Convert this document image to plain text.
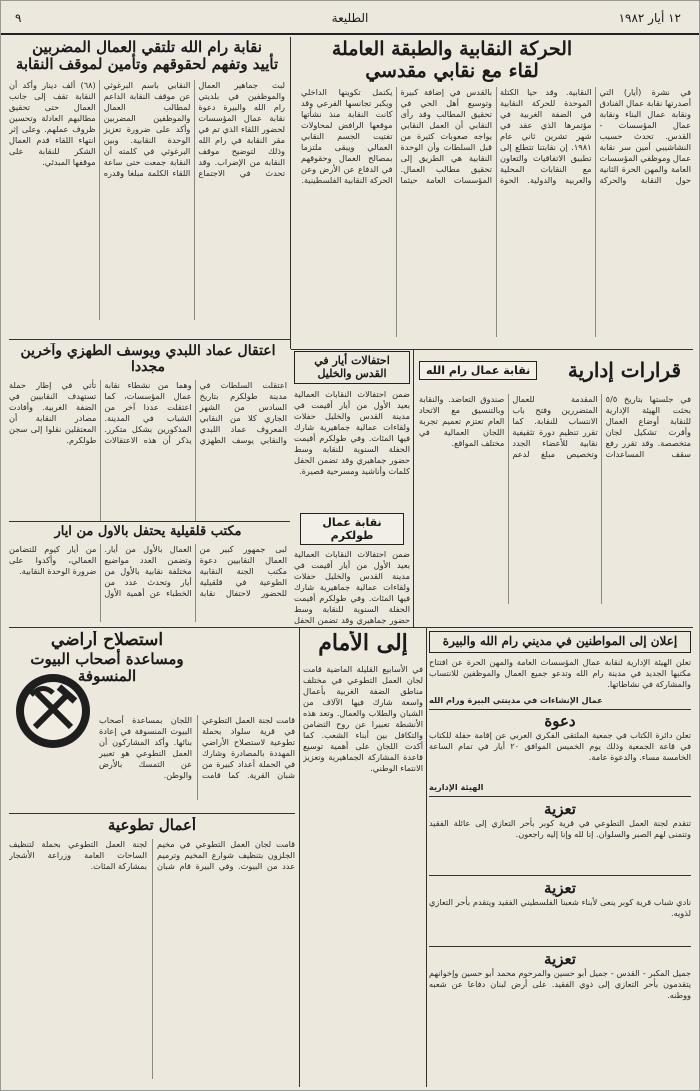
١٢ أيار ١٩٨٢
الطليعة
٩
الحركة النقابية والطبقة العاملة
لقاء مع نقابي مقدسي
في نشرة (أيار) التي أصدرتها نقابة عمال الفنادق ونقابة عمال البناء ونقابة عمال المؤسسات - القدس. تحدث حسيب النشاشيبي أمين سر نقابة عمال وموظفي المؤسسات العامة والمهن الحرة الثانية حول النقابة والحركة النقابية. وقد حيا الكتلة الموحدة للحركة النقابية في الضفة الغربية في مؤتمرها الذي عقد في شهر تشرين ثاني عام ١٩٨١. إن نقابتنا تتطلع إلى تطبيق الاتفاقيات والتعاون مع النقابات المحلية والعربية والدولية. الحوة بالقدس في إضافة كبيرة وتوسيع أهل الحي في تحقيق المطالب وقد رأى النقابي أن العمل النقابي يواجه صعوبات كثيرة من قبل السلطات وأن الوحدة النقابية هي الطريق إلى تحقيق مطالب العمال. المؤسسات العامة حيثما يكتمل تكوينها الداخلي ويكبر تجانسها الفرعي وقد كانت النقابة منذ نشأتها موقعها الرافض لمحاولات تفتيت الجسم النقابي العمالي ويبقى ملتزما بمصالح العمال وحقوقهم في الدفاع عن الأرض وعن الحركة النقابية الفلسطينية.
نقابة رام الله تلتقي العمال المضربين
تأييد وتفهم لحقوقهم وتأمين لموقف النقابة
لبث جماهير العمال والموظفين في بلديتي رام الله والبيرة دعوة نقابة عمال المؤسسات لحضور اللقاء الذي تم في مقر النقابة في رام الله وذلك لتوضيح موقف النقابة من الإضراب. وقد تحدث في الاجتماع النقابي باسم البرغوثي عن موقف النقابة الداعم لمطالب العمال والموظفين المضربين وأكد على ضرورة تعزيز الوحدة النقابية. وبين البرغوثي في كلمته أن النقابة جمعت حتى ساعة اللقاء الكلمة مبلغا وقدره (٦٨) ألف دينار وأكد أن النقابة تقف إلى جانب العمال حتى تحقيق مطالبهم العادلة وتحسين ظروف عملهم. وعلى إثر انتهاء اللقاء قدم العمال الشكر للنقابة على موقفها المبدئي.
اعتقال عماد اللبدي ويوسف الطهزي وآخرين مجددا
اعتقلت السلطات في مدينة طولكرم بتاريخ السادس من الشهر الجاري كلا من النقابي المعروف عماد اللبدي والنقابي يوسف الطهزي وهما من نشطاء نقابة عمال المؤسسات، كما اعتقلت عددا آخر من الشباب في المدينة. المذكورين بشكل متكرر. يذكر أن هذه الاعتقالات تأتي في إطار حملة تستهدف النقابيين في الضفة الغربية. وأفادت مصادر النقابة أن المعتقلين نقلوا إلى سجن طولكرم.
مكتب قلقيلية يحتفل بالأول من أيار
لبى جمهور كبير من العمال النقابيين دعوة مكتب الجنة النقابية الطوعية في قلقيلية للحضور لاحتفال نقابة العمال بالأول من أيار. وتضمن العدد مواضيع مختلفة نقابية بالأول من أيار وتحدث عدد من الخطباء عن أهمية الأول من أيار كيوم للتضامن العمالي، وأكدوا على ضرورة الوحدة النقابية.
احتفالات أيار في القدس والخليل
ضمن احتفالات النقابات العمالية بعيد الأول من أيار أقيمت في مدينة القدس والخليل حفلات ولقاءات عمالية جماهيرية شارك فيها المئات. وفي طولكرم أقيمت الحفلة السنوية للنقابة وسط حضور جماهيري وقد تضمن الحفل كلمات وأناشيد ومسرحية قصيرة.
نقابة عمال طولكرم
ضمن احتفالات النقابات العمالية بعيد الأول من أيار أقيمت في مدينة القدس والخليل حفلات ولقاءات عمالية جماهيرية شارك فيها المئات. وفي طولكرم أقيمت الحفلة السنوية للنقابة وسط حضور جماهيري وقد تضمن الحفل
قرارات إدارية
نقابة عمال رام الله
في جلستها بتاريخ ٥/٥ بحثت الهيئة الإدارية للنقابة أوضاع العمال وأقرت تشكيل لجان متخصصة. وقد تقرر رفع سقف المساعدات المقدمة للعمال المتضررين وفتح باب الانتساب للنقابة. كما تقرر تنظيم دورة تثقيفية نقابية للأعضاء الجدد وتخصيص مبلغ لدعم صندوق التعاضد. والنقابة وبالتنسيق مع الاتحاد العام تعتزم تعميم تجربة اللجان العمالية في مختلف المواقع.
استصلاح أراضي
ومساعدة أصحاب البيوت المنسوفة
قامت لجنة العمل التطوعي في قرية سلواد بحملة تطوعية لاستصلاح الأراضي المهددة بالمصادرة وشارك في الحملة أعداد كبيرة من شبان القرية. كما قامت اللجان بمساعدة أصحاب البيوت المنسوفة في إعادة بنائها. وأكد المشاركون أن العمل التطوعي هو تعبير عن التمسك بالأرض والوطن.
أعمال تطوعية
قامت لجان العمل التطوعي في مخيم الجلزون بتنظيف شوارع المخيم وترميم عدد من البيوت. وفي البيرة قام شبان لجنة العمل التطوعي بحملة لتنظيف الساحات العامة وزراعة الأشجار بمشاركة المئات.
إلى الأمام
في الأسابيع القليلة الماضية قامت لجان العمل التطوعي في مختلف مناطق الضفة الغربية بأعمال واسعة شارك فيها الآلاف من الشبان والطلاب والعمال. وتعد هذه الأنشطة تعبيرا عن روح التضامن والتكافل بين أبناء الشعب. كما أكدت اللجان على أهمية توسيع قاعدة المشاركة الجماهيرية وتعزيز الانتماء الوطني.
إعلان إلى المواطنين في مديني رام الله والبيرة
تعلن الهيئة الإدارية لنقابة عمال المؤسسات العامة والمهن الحرة عن افتتاح مكتبها الجديد في مدينة رام الله وتدعو جميع العمال والموظفين للانتساب والمشاركة في نشاطاتها.
عمال الإنشاءات في مدينتي البيرة ورام الله
دعوة
تعلن دائرة الكتاب في جمعية الملتقى الفكري العربي عن إقامة حفلة للكتاب في قاعة الجمعية وذلك يوم الخميس الموافق ٢٠ أيار في تمام الساعة الخامسة مساء. والدعوة عامة.
الهيئة الإدارية
تعزية
تتقدم لجنة العمل التطوعي في قرية كوبر بأحر التعازي إلى عائلة الفقيد وتتمنى لهم الصبر والسلوان. إنا لله وإنا إليه راجعون.
تعزية
نادي شباب قرية كوبر ينعى لأبناء شعبنا الفلسطيني الفقيد ويتقدم بأحر التعازي لذويه.
تعزية
جميل المكبر - القدس - جميل أبو حسين والمرحوم محمد أبو حسين وإخوانهم يتقدمون بأحر التعازي إلى ذوي الفقيد. على أرض لبنان دفاعا عن شعبه ووطنه.
